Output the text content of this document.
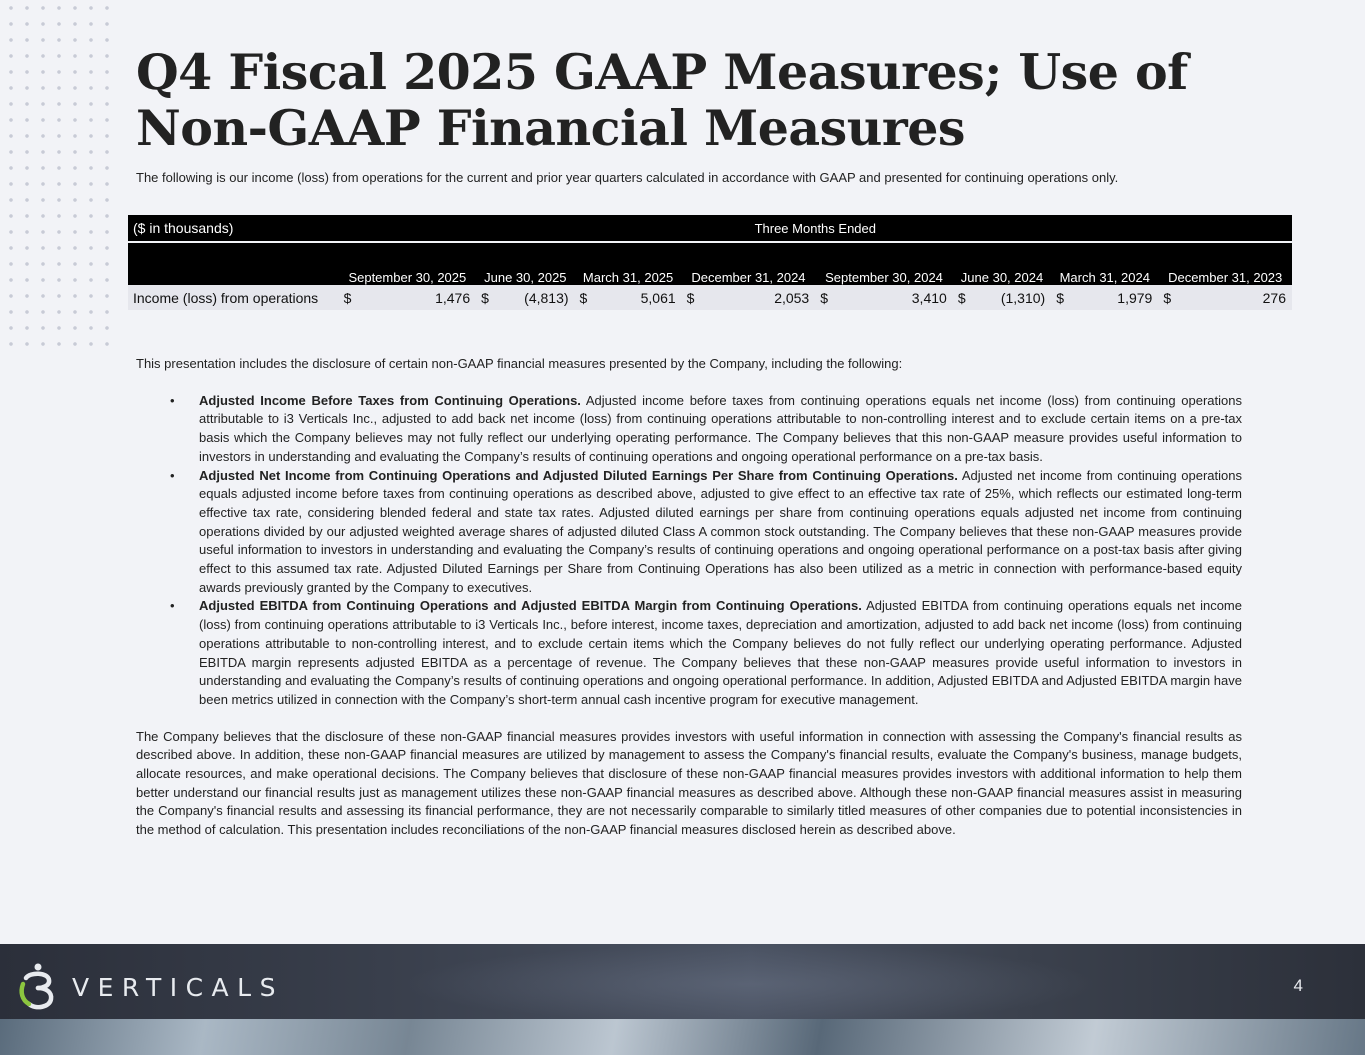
Q4 Fiscal 2025 GAAP Measures; Use of
Non-GAAP Financial Measures
The following is our income (loss) from operations for the current and prior year quarters calculated in accordance with GAAP and presented for continuing operations only.
($ in thousands)	Three Months Ended															
	September 30, 2025		June 30, 2025		March 31, 2025		December 31, 2024		September 30, 2024		June 30, 2024		March 31, 2024		December 31, 2023	
Income (loss) from operations	$	1,476	$	(4,813)	$	5,061	$	2,053	$	3,410	$	(1,310)	$	1,979	$	276

This presentation includes the disclosure of certain non-GAAP financial measures presented by the Company, including the following:

• Adjusted Income Before Taxes from Continuing Operations. Adjusted income before taxes from continuing operations equals net income (loss) from continuing operations attributable to i3 Verticals Inc., adjusted to add back net income (loss) from continuing operations attributable to non-controlling interest and to exclude certain items on a pre-tax basis which the Company believes may not fully reflect our underlying operating performance. The Company believes that this non-GAAP measure provides useful information to investors in understanding and evaluating the Company’s results of continuing operations and ongoing operational performance on a pre-tax basis.
• Adjusted Net Income from Continuing Operations and Adjusted Diluted Earnings Per Share from Continuing Operations. Adjusted net income from continuing operations equals adjusted income before taxes from continuing operations as described above, adjusted to give effect to an effective tax rate of 25%, which reflects our estimated long-term effective tax rate, considering blended federal and state tax rates. Adjusted diluted earnings per share from continuing operations equals adjusted net income from continuing operations divided by our adjusted weighted average shares of adjusted diluted Class A common stock outstanding. The Company believes that these non-GAAP measures provide useful information to investors in understanding and evaluating the Company’s results of continuing operations and ongoing operational performance on a post-tax basis after giving effect to this assumed tax rate. Adjusted Diluted Earnings per Share from Continuing Operations has also been utilized as a metric in connection with performance-based equity awards previously granted by the Company to executives.
• Adjusted EBITDA from Continuing Operations and Adjusted EBITDA Margin from Continuing Operations. Adjusted EBITDA from continuing operations equals net income (loss) from continuing operations attributable to i3 Verticals Inc., before interest, income taxes, depreciation and amortization, adjusted to add back net income (loss) from continuing operations attributable to non-controlling interest, and to exclude certain items which the Company believes do not fully reflect our underlying operating performance. Adjusted EBITDA margin represents adjusted EBITDA as a percentage of revenue. The Company believes that these non-GAAP measures provide useful information to investors in understanding and evaluating the Company’s results of continuing operations and ongoing operational performance. In addition, Adjusted EBITDA and Adjusted EBITDA margin have been metrics utilized in connection with the Company’s short-term annual cash incentive program for executive management.

The Company believes that the disclosure of these non-GAAP financial measures provides investors with useful information in connection with assessing the Company's financial results as described above. In addition, these non-GAAP financial measures are utilized by management to assess the Company's financial results, evaluate the Company's business, manage budgets, allocate resources, and make operational decisions. The Company believes that disclosure of these non-GAAP financial measures provides investors with additional information to help them better understand our financial results just as management utilizes these non-GAAP financial measures as described above. Although these non-GAAP financial measures assist in measuring the Company's financial results and assessing its financial performance, they are not necessarily comparable to similarly titled measures of other companies due to potential inconsistencies in the method of calculation. This presentation includes reconciliations of the non-GAAP financial measures disclosed herein as described above.

VERTICALS	4
